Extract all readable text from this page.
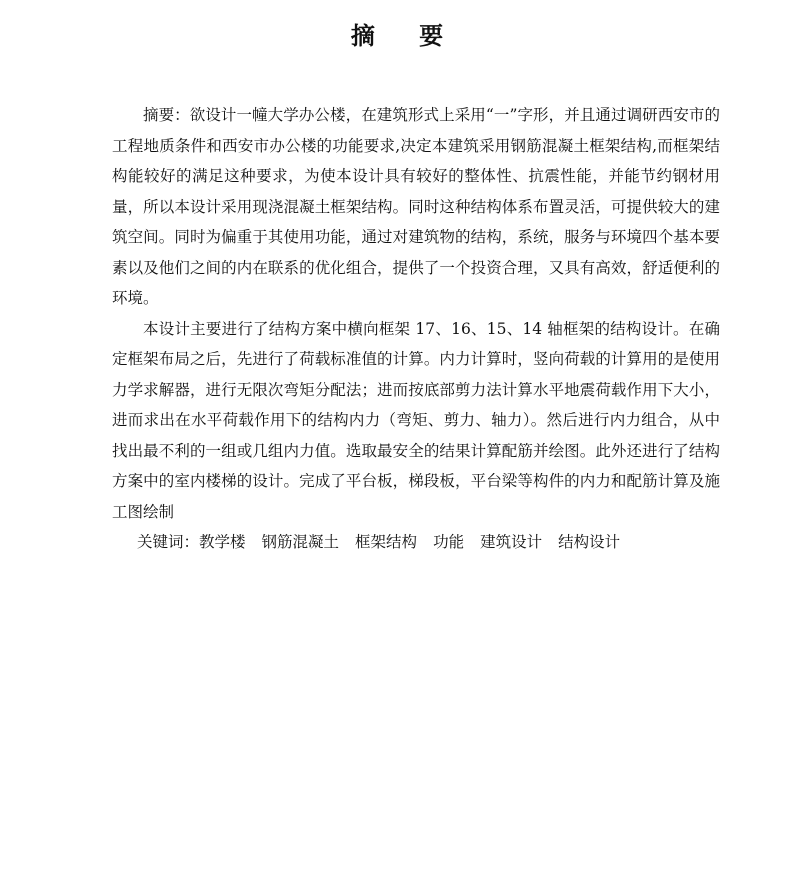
摘 要

摘要：欲设计一幢大学办公楼，在建筑形式上采用“一”字形，并且通过调研西安市的工程地质条件和西安市办公楼的功能要求,决定本建筑采用钢筋混凝土框架结构,而框架结构能较好的满足这种要求，为使本设计具有较好的整体性、抗震性能，并能节约钢材用量，所以本设计采用现浇混凝土框架结构。同时这种结构体系布置灵活，可提供较大的建筑空间。同时为偏重于其使用功能，通过对建筑物的结构，系统，服务与环境四个基本要素以及他们之间的内在联系的优化组合，提供了一个投资合理，又具有高效，舒适便利的环境。

本设计主要进行了结构方案中横向框架 17、16、15、14 轴框架的结构设计。在确定框架布局之后，先进行了荷载标准值的计算。内力计算时，竖向荷载的计算用的是使用力学求解器，进行无限次弯矩分配法；进而按底部剪力法计算水平地震荷载作用下大小，进而求出在水平荷载作用下的结构内力（弯矩、剪力、轴力）。然后进行内力组合，从中找出最不利的一组或几组内力值。选取最安全的结果计算配筋并绘图。此外还进行了结构方案中的室内楼梯的设计。完成了平台板，梯段板，平台梁等构件的内力和配筋计算及施工图绘制

关键词：教学楼 钢筋混凝土 框架结构 功能 建筑设计 结构设计
